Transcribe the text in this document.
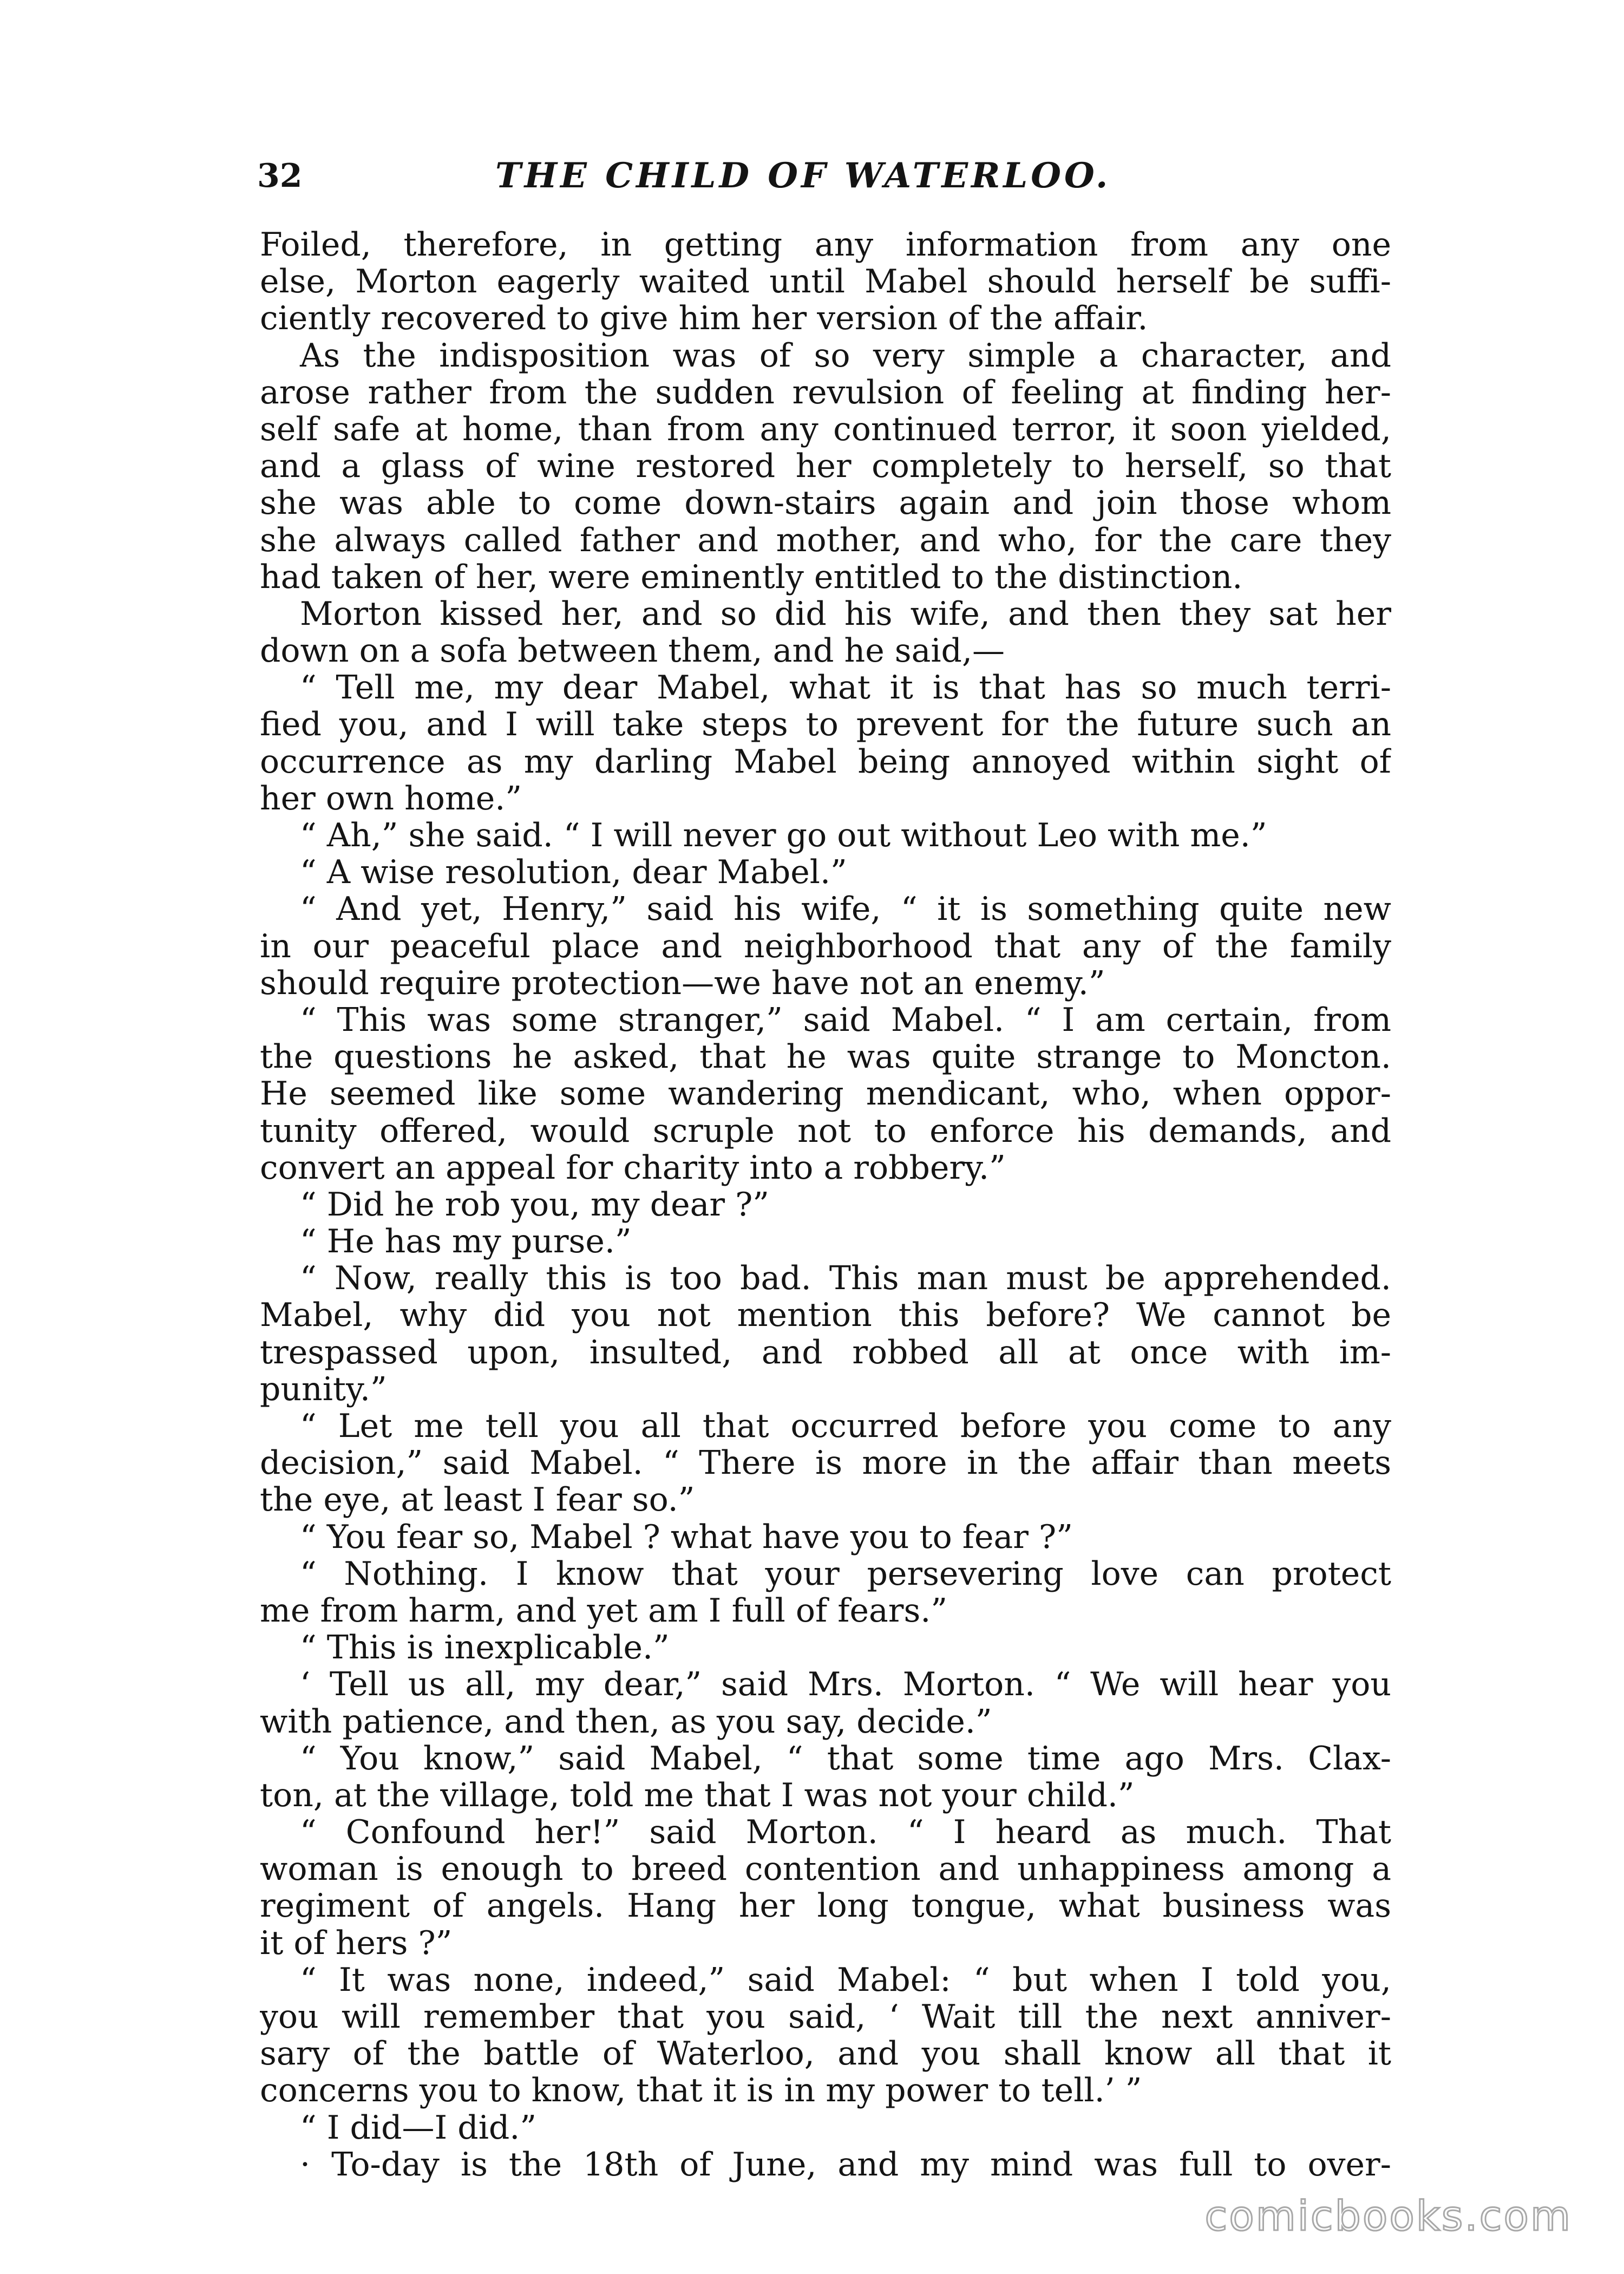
32	THE CHILD OF WATERLOO.
Foiled, therefore, in getting any information from any one
else, Morton eagerly waited until Mabel should herself be suffi-
ciently recovered to give him her version of the affair.
As the indisposition was of so very simple a character, and
arose rather from the sudden revulsion of feeling at finding her-
self safe at home, than from any continued terror, it soon yielded,
and a glass of wine restored her completely to herself, so that
she was able to come down-stairs again and join those whom
she always called father and mother, and who, for the care they
had taken of her, were eminently entitled to the distinction.
Morton kissed her, and so did his wife, and then they sat her
down on a sofa between them, and he said,—
“ Tell me, my dear Mabel, what it is that has so much terri-
fied you, and I will take steps to prevent for the future such an
occurrence as my darling Mabel being annoyed within sight of
her own home.”
“ Ah,” she said. “ I will never go out without Leo with me.”
“ A wise resolution, dear Mabel.”
“ And yet, Henry,” said his wife, “ it is something quite new
in our peaceful place and neighborhood that any of the family
should require protection—we have not an enemy.”
“ This was some stranger,” said Mabel. “ I am certain, from
the questions he asked, that he was quite strange to Moncton.
He seemed like some wandering mendicant, who, when oppor-
tunity offered, would scruple not to enforce his demands, and
convert an appeal for charity into a robbery.”
“ Did he rob you, my dear ?”
“ He has my purse.”
“ Now, really this is too bad. This man must be apprehended.
Mabel, why did you not mention this before? We cannot be
trespassed upon, insulted, and robbed all at once with im-
punity.”
“ Let me tell you all that occurred before you come to any
decision,” said Mabel. “ There is more in the affair than meets
the eye, at least I fear so.”
“ You fear so, Mabel ? what have you to fear ?”
“ Nothing. I know that your persevering love can protect
me from harm, and yet am I full of fears.”
“ This is inexplicable.”
‘ Tell us all, my dear,” said Mrs. Morton. “ We will hear you
with patience, and then, as you say, decide.”
“ You know,” said Mabel, “ that some time ago Mrs. Clax-
ton, at the village, told me that I was not your child.”
“ Confound her!” said Morton. “ I heard as much. That
woman is enough to breed contention and unhappiness among a
regiment of angels. Hang her long tongue, what business was
it of hers ?”
“ It was none, indeed,” said Mabel: “ but when I told you,
you will remember that you said, ‘ Wait till the next anniver-
sary of the battle of Waterloo, and you shall know all that it
concerns you to know, that it is in my power to tell.’ ”
“ I did—I did.”
· To-day is the 18th of June, and my mind was full to over-
comicbooks.com
